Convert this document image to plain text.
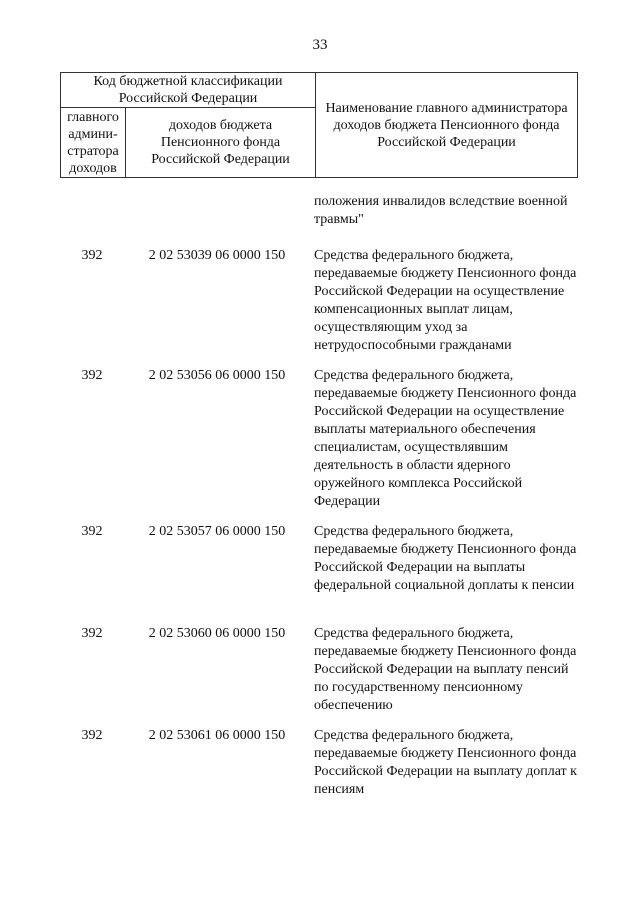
33
Код бюджетной классификации Российской Федерации		Наименование главного администратора доходов бюджета Пенсионного фонда Российской Федерации
главного админи-стратора доходов	доходов бюджета Пенсионного фонда Российской Федерации	
положения инвалидов вследствие военной травмы"
392	2 02 53039 06 0000 150	Средства федерального бюджета, передаваемые бюджету Пенсионного фонда Российской Федерации на осуществление компенсационных выплат лицам, осуществляющим уход за нетрудоспособными гражданами
392	2 02 53056 06 0000 150	Средства федерального бюджета, передаваемые бюджету Пенсионного фонда Российской Федерации на осуществление выплаты материального обеспечения специалистам, осуществлявшим деятельность в области ядерного оружейного комплекса Российской Федерации
392	2 02 53057 06 0000 150	Средства федерального бюджета, передаваемые бюджету Пенсионного фонда Российской Федерации на выплаты федеральной социальной доплаты к пенсии
392	2 02 53060 06 0000 150	Средства федерального бюджета, передаваемые бюджету Пенсионного фонда Российской Федерации на выплату пенсий по государственному пенсионному обеспечению
392	2 02 53061 06 0000 150	Средства федерального бюджета, передаваемые бюджету Пенсионного фонда Российской Федерации на выплату доплат к пенсиям
